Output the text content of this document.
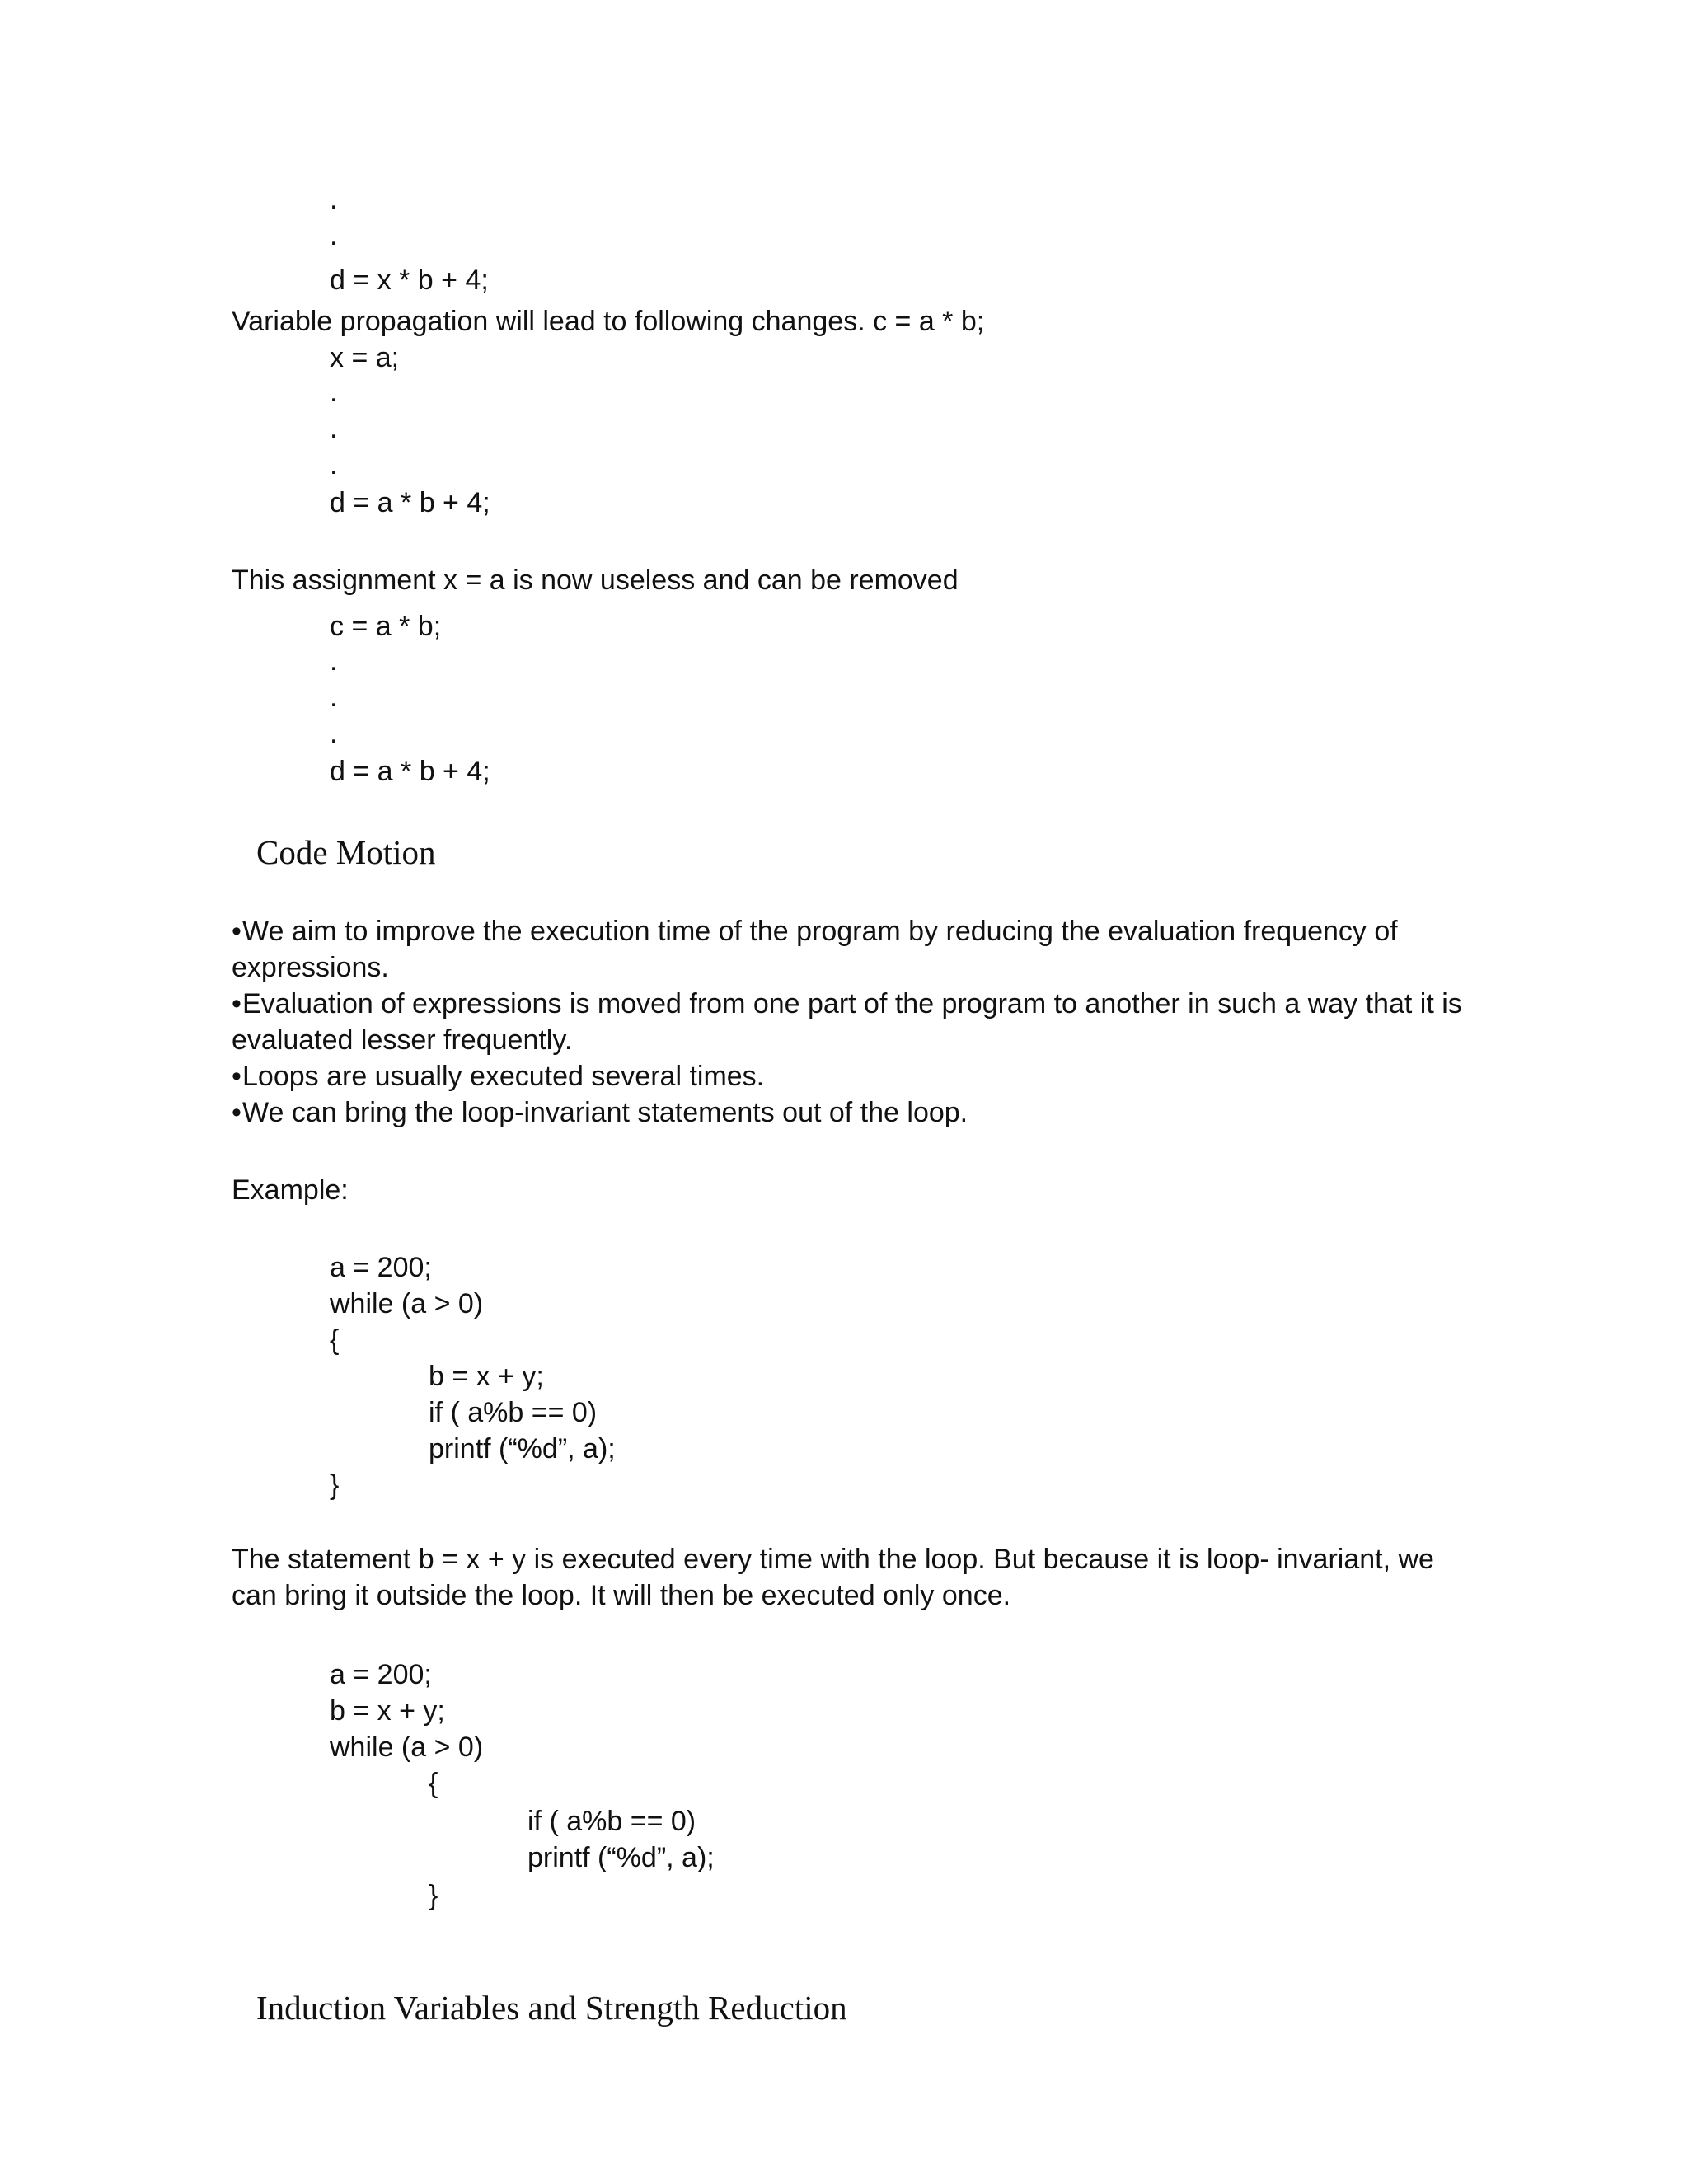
.
.
d = x * b + 4;
Variable propagation will lead to following changes. c = a * b;
x = a;
.
.
.
d = a * b + 4;
This assignment x = a is now useless and can be removed
c = a * b;
.
.
.
d = a * b + 4;
Code Motion
• We aim to improve the execution time of the program by reducing the evaluation frequency of
expressions.
• Evaluation of expressions is moved from one part of the program to another in such a way that it is
evaluated lesser frequently.
• Loops are usually executed several times.
• We can bring the loop-invariant statements out of the loop.
Example:
a = 200;
while (a > 0)
{
b = x + y;
if ( a%b == 0)
printf (“%d”, a);
}
The statement b = x + y is executed every time with the loop. But because it is loop- invariant, we
can bring it outside the loop. It will then be executed only once.
a = 200;
b = x + y;
while (a > 0)
{
if ( a%b == 0)
printf (“%d”, a);
}
Induction Variables and Strength Reduction
